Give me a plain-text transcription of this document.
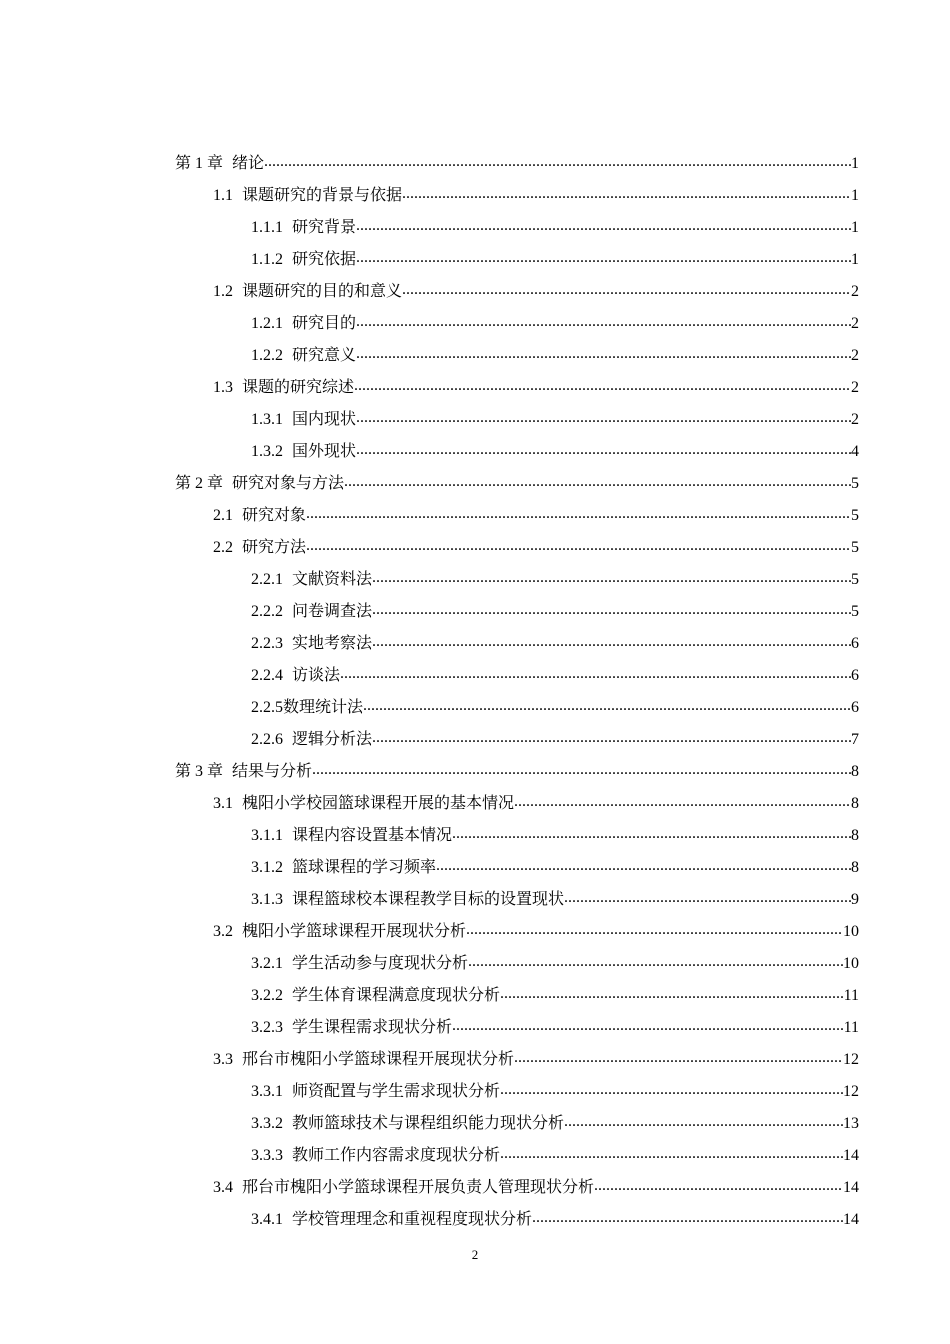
第 1 章 绪论 .....	1
1.1 课题研究的背景与依据 .....	1
1.1.1 研究背景 .....	1
1.1.2 研究依据 .....	1
1.2 课题研究的目的和意义 .....	2
1.2.1 研究目的 .....	2
1.2.2 研究意义 .....	2
1.3 课题的研究综述 .....	2
1.3.1 国内现状 .....	2
1.3.2 国外现状 .....	4
第 2 章 研究对象与方法 .....	5
2.1 研究对象 .....	5
2.2 研究方法 .....	5
2.2.1 文献资料法 .....	5
2.2.2 问卷调查法 .....	5
2.2.3 实地考察法 .....	6
2.2.4 访谈法 .....	6
2.2.5 数理统计法 .....	6
2.2.6 逻辑分析法 .....	7
第 3 章 结果与分析 .....	8
3.1 槐阳小学校园篮球课程开展的基本情况 .....	8
3.1.1 课程内容设置基本情况 .....	8
3.1.2 篮球课程的学习频率 .....	8
3.1.3 课程篮球校本课程教学目标的设置现状 .....	9
3.2 槐阳小学篮球课程开展现状分析 .....	10
3.2.1 学生活动参与度现状分析 .....	10
3.2.2 学生体育课程满意度现状分析 .....	11
3.2.3 学生课程需求现状分析 .....	11
3.3 邢台市槐阳小学篮球课程开展现状分析 .....	12
3.3.1 师资配置与学生需求现状分析 .....	12
3.3.2 教师篮球技术与课程组织能力现状分析 .....	13
3.3.3 教师工作内容需求度现状分析 .....	14
3.4 邢台市槐阳小学篮球课程开展负责人管理现状分析 .....	14
3.4.1 学校管理理念和重视程度现状分析 .....	14
2
